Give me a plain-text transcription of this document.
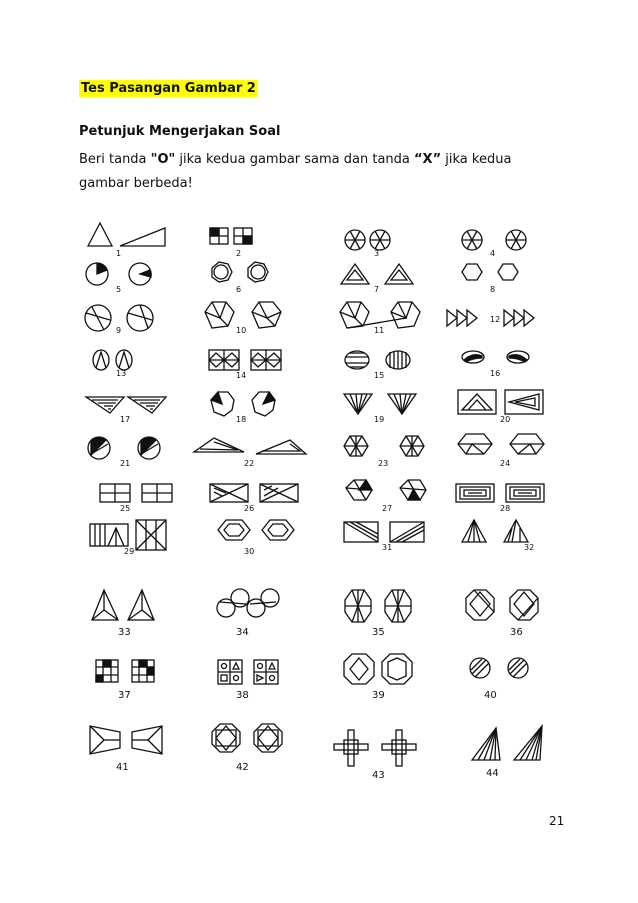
Tes Pasangan Gambar 2
Petunjuk Mengerjakan Soal
Beri tanda "O" jika kedua gambar sama dan tanda “X” jika kedua gambar berbeda!
1	2	3	4
5	6	7	8
9	10	11
12
13	14	15	16
17	18	19	20
21	22	23	24
25	26	27	28
29	30	31	32
33	34	35	36
37	38	39	40
41	42
43	44
21
